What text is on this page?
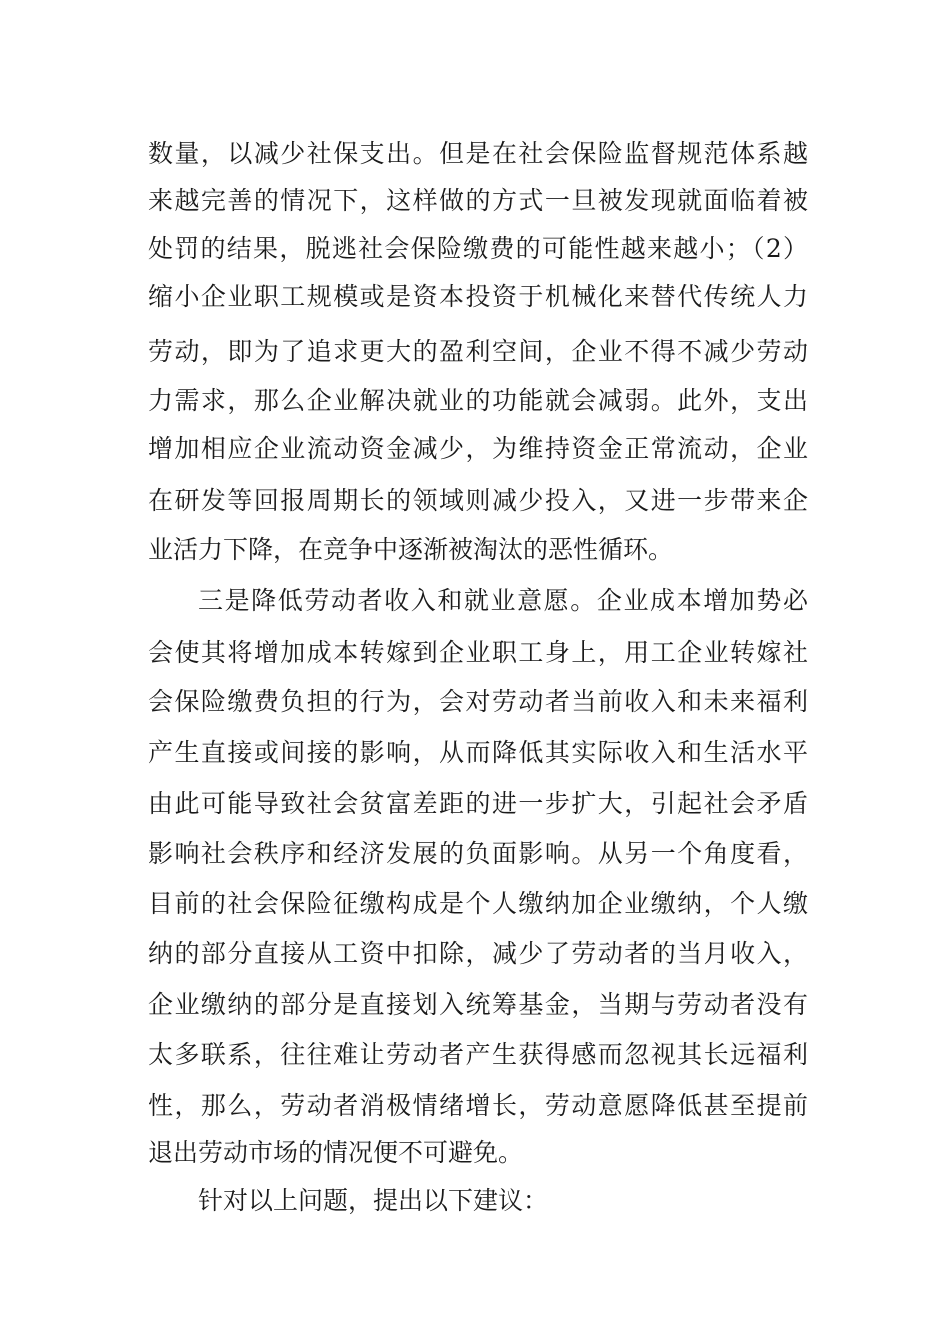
数量，以减少社保支出。但是在社会保险监督规范体系越
来越完善的情况下，这样做的方式一旦被发现就面临着被
处罚的结果，脱逃社会保险缴费的可能性越来越小；（2）
缩小企业职工规模或是资本投资于机械化来替代传统人力
劳动，即为了追求更大的盈利空间，企业不得不减少劳动
力需求，那么企业解决就业的功能就会减弱。此外，支出
增加相应企业流动资金减少，为维持资金正常流动，企业
在研发等回报周期长的领域则减少投入，又进一步带来企
业活力下降，在竞争中逐渐被淘汰的恶性循环。
三是降低劳动者收入和就业意愿。企业成本增加势必
会使其将增加成本转嫁到企业职工身上，用工企业转嫁社
会保险缴费负担的行为，会对劳动者当前收入和未来福利
产生直接或间接的影响，从而降低其实际收入和生活水平
由此可能导致社会贫富差距的进一步扩大，引起社会矛盾
影响社会秩序和经济发展的负面影响。从另一个角度看，
目前的社会保险征缴构成是个人缴纳加企业缴纳，个人缴
纳的部分直接从工资中扣除，减少了劳动者的当月收入，
企业缴纳的部分是直接划入统筹基金，当期与劳动者没有
太多联系，往往难让劳动者产生获得感而忽视其长远福利
性，那么，劳动者消极情绪增长，劳动意愿降低甚至提前
退出劳动市场的情况便不可避免。
针对以上问题，提出以下建议：
